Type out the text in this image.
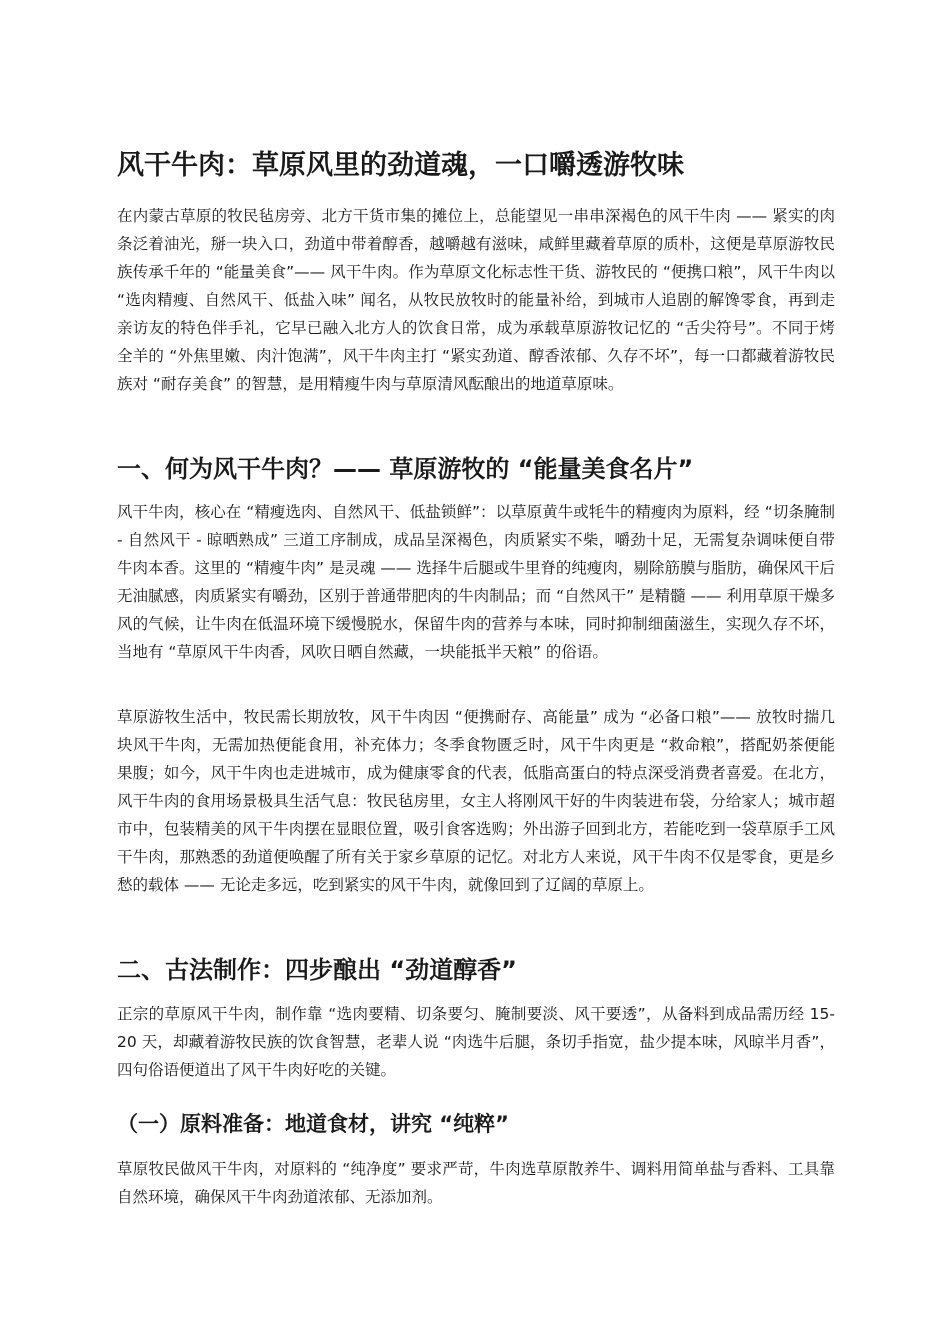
风干牛肉：草原风里的劲道魂，一口嚼透游牧味

在内蒙古草原的牧民毡房旁、北方干货市集的摊位上，总能望见一串串深褐色的风干牛肉 —— 紧实的肉条泛着油光，掰一块入口，劲道中带着醇香，越嚼越有滋味，咸鲜里藏着草原的质朴，这便是草原游牧民族传承千年的 “能量美食”—— 风干牛肉。作为草原文化标志性干货、游牧民的 “便携口粮”，风干牛肉以 “选肉精瘦、自然风干、低盐入味” 闻名，从牧民放牧时的能量补给，到城市人追剧的解馋零食，再到走亲访友的特色伴手礼，它早已融入北方人的饮食日常，成为承载草原游牧记忆的 “舌尖符号”。不同于烤全羊的 “外焦里嫩、肉汁饱满”，风干牛肉主打 “紧实劲道、醇香浓郁、久存不坏”，每一口都藏着游牧民族对 “耐存美食” 的智慧，是用精瘦牛肉与草原清风酝酿出的地道草原味。

一、何为风干牛肉？—— 草原游牧的 “能量美食名片”

风干牛肉，核心在 “精瘦选肉、自然风干、低盐锁鲜”：以草原黄牛或牦牛的精瘦肉为原料，经 “切条腌制 - 自然风干 - 晾晒熟成” 三道工序制成，成品呈深褐色，肉质紧实不柴，嚼劲十足，无需复杂调味便自带牛肉本香。这里的 “精瘦牛肉” 是灵魂 —— 选择牛后腿或牛里脊的纯瘦肉，剔除筋膜与脂肪，确保风干后无油腻感，肉质紧实有嚼劲，区别于普通带肥肉的牛肉制品；而 “自然风干” 是精髓 —— 利用草原干燥多风的气候，让牛肉在低温环境下缓慢脱水，保留牛肉的营养与本味，同时抑制细菌滋生，实现久存不坏，当地有 “草原风干牛肉香，风吹日晒自然藏，一块能抵半天粮” 的俗语。

草原游牧生活中，牧民需长期放牧，风干牛肉因 “便携耐存、高能量” 成为 “必备口粮”—— 放牧时揣几块风干牛肉，无需加热便能食用，补充体力；冬季食物匮乏时，风干牛肉更是 “救命粮”，搭配奶茶便能果腹；如今，风干牛肉也走进城市，成为健康零食的代表，低脂高蛋白的特点深受消费者喜爱。在北方，风干牛肉的食用场景极具生活气息：牧民毡房里，女主人将刚风干好的牛肉装进布袋，分给家人；城市超市中，包装精美的风干牛肉摆在显眼位置，吸引食客选购；外出游子回到北方，若能吃到一袋草原手工风干牛肉，那熟悉的劲道便唤醒了所有关于家乡草原的记忆。对北方人来说，风干牛肉不仅是零食，更是乡愁的载体 —— 无论走多远，吃到紧实的风干牛肉，就像回到了辽阔的草原上。

二、古法制作：四步酿出 “劲道醇香”

正宗的草原风干牛肉，制作靠 “选肉要精、切条要匀、腌制要淡、风干要透”，从备料到成品需历经 15-20 天，却藏着游牧民族的饮食智慧，老辈人说 “肉选牛后腿，条切手指宽，盐少提本味，风晾半月香”，四句俗语便道出了风干牛肉好吃的关键。

（一）原料准备：地道食材，讲究 “纯粹”

草原牧民做风干牛肉，对原料的 “纯净度” 要求严苛，牛肉选草原散养牛、调料用简单盐与香料、工具靠自然环境，确保风干牛肉劲道浓郁、无添加剂。
